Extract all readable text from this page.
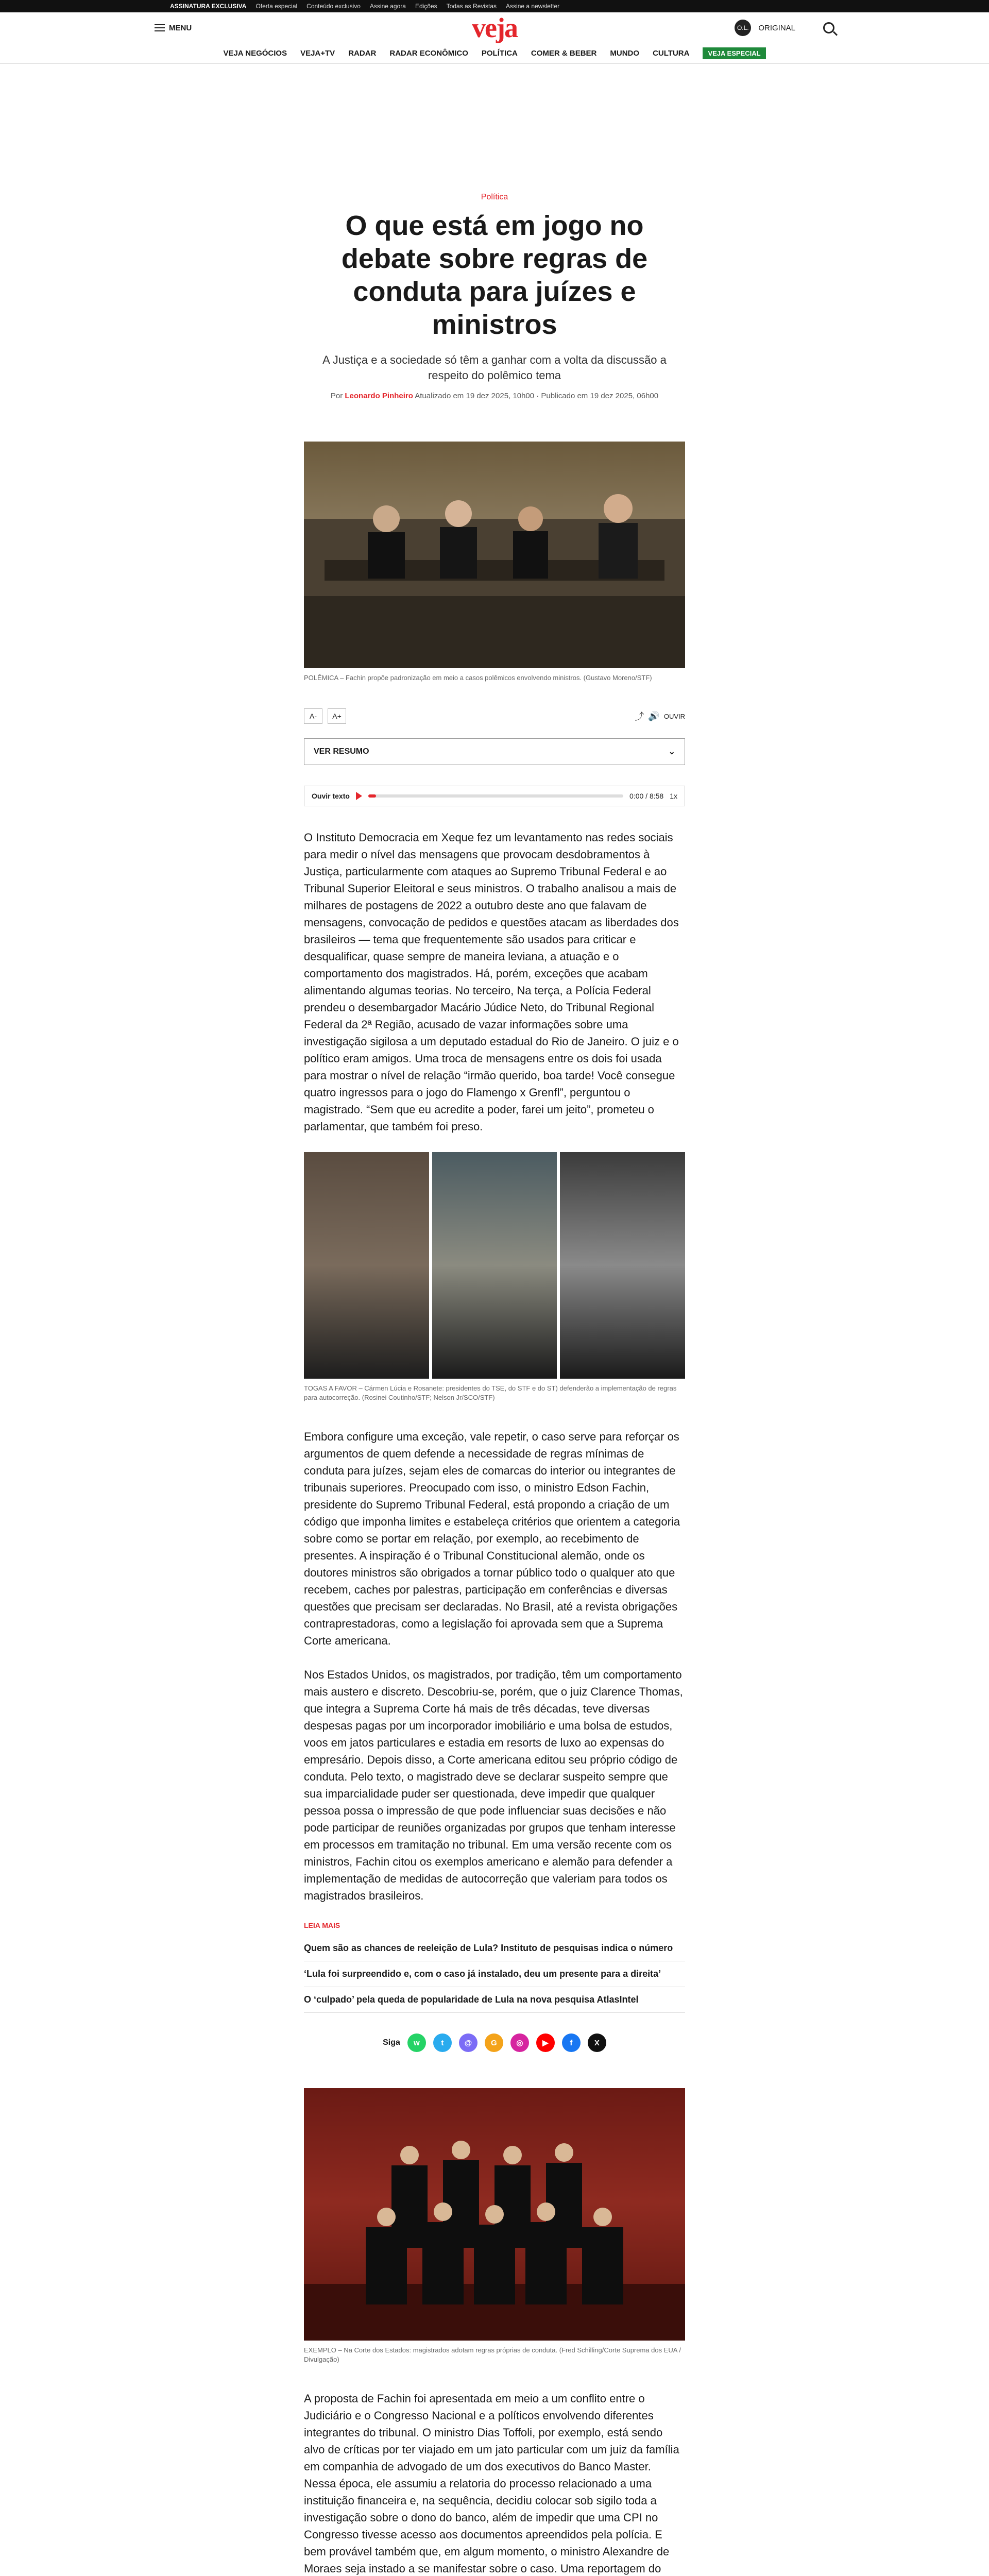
ASSINATURA EXCLUSIVA Oferta especial Conteúdo exclusivo Assine agora Edições Todas as Revistas Assine a newsletter
MENU	veja	O.L.	ORIGINAL
VEJA NEGÓCIOS VEJA+TV RADAR RADAR ECONÔMICO POLÍTICA COMER & BEBER MUNDO CULTURA	VEJA ESPECIAL
Política
O que está em jogo no debate sobre regras de conduta para juízes e ministros
A Justiça e a sociedade só têm a ganhar com a volta da discussão a respeito do polêmico tema
Por Leonardo Pinheiro Atualizado em 19 dez 2025, 10h00 · Publicado em 19 dez 2025, 06h00
POLÊMICA – Fachin propõe padronização em meio a casos polêmicos envolvendo ministros. (Gustavo Moreno/STF)
A-	A+	⤴ 🔊 OUVIR
VER RESUMO	⌄
Ouvir texto	0:00 / 8:58 1x

O Instituto Democracia em Xeque fez um levantamento nas redes sociais para medir o nível das mensagens que provocam desdobramentos à Justiça, particularmente com ataques ao Supremo Tribunal Federal e ao Tribunal Superior Eleitoral e seus ministros. O trabalho analisou a mais de milhares de postagens de 2022 a outubro deste ano que falavam de mensagens, convocação de pedidos e questões atacam as liberdades dos brasileiros — tema que frequentemente são usados para criticar e desqualificar, quase sempre de maneira leviana, a atuação e o comportamento dos magistrados. Há, porém, exceções que acabam alimentando algumas teorias. No terceiro, Na terça, a Polícia Federal prendeu o desembargador Macário Júdice Neto, do Tribunal Regional Federal da 2ª Região, acusado de vazar informações sobre uma investigação sigilosa a um deputado estadual do Rio de Janeiro. O juiz e o político eram amigos. Uma troca de mensagens entre os dois foi usada para mostrar o nível de relação “irmão querido, boa tarde! Você consegue quatro ingressos para o jogo do Flamengo x Grenfl”, perguntou o magistrado. “Sem que eu acredite a poder, farei um jeito”, prometeu o parlamentar, que também foi preso.

TOGAS A FAVOR – Cármen Lúcia e Rosanete: presidentes do TSE, do STF e do ST) defenderão a implementação de regras para autocorreção. (Rosinei Coutinho/STF; Nelson Jr/SCO/STF)

Embora configure uma exceção, vale repetir, o caso serve para reforçar os argumentos de quem defende a necessidade de regras mínimas de conduta para juízes, sejam eles de comarcas do interior ou integrantes de tribunais superiores. Preocupado com isso, o ministro Edson Fachin, presidente do Supremo Tribunal Federal, está propondo a criação de um código que imponha limites e estabeleça critérios que orientem a categoria sobre como se portar em relação, por exemplo, ao recebimento de presentes. A inspiração é o Tribunal Constitucional alemão, onde os doutores ministros são obrigados a tornar público todo o qualquer ato que recebem, caches por palestras, participação em conferências e diversas questões que precisam ser declaradas. No Brasil, até a revista obrigações contraprestadoras, como a legislação foi aprovada sem que a Suprema Corte americana.

Nos Estados Unidos, os magistrados, por tradição, têm um comportamento mais austero e discreto. Descobriu-se, porém, que o juiz Clarence Thomas, que integra a Suprema Corte há mais de três décadas, teve diversas despesas pagas por um incorporador imobiliário e uma bolsa de estudos, voos em jatos particulares e estadia em resorts de luxo ao expensas do empresário. Depois disso, a Corte americana editou seu próprio código de conduta. Pelo texto, o magistrado deve se declarar suspeito sempre que sua imparcialidade puder ser questionada, deve impedir que qualquer pessoa possa o impressão de que pode influenciar suas decisões e não pode participar de reuniões organizadas por grupos que tenham interesse em processos em tramitação no tribunal. Em uma versão recente com os ministros, Fachin citou os exemplos americano e alemão para defender a implementação de medidas de autocorreção que valeriam para todos os magistrados brasileiros.

LEIA MAIS
Quem são as chances de reeleição de Lula? Instituto de pesquisas indica o número
‘Lula foi surpreendido e, com o caso já instalado, deu um presente para a direita’
O ‘culpado’ pela queda de popularidade de Lula na nova pesquisa AtlasIntel
Siga	w	t	@	G	◎	▶	f	X
EXEMPLO – Na Corte dos Estados: magistrados adotam regras próprias de conduta. (Fred Schilling/Corte Suprema dos EUA / Divulgação)

A proposta de Fachin foi apresentada em meio a um conflito entre o Judiciário e o Congresso Nacional e a políticos envolvendo diferentes integrantes do tribunal. O ministro Dias Toffoli, por exemplo, está sendo alvo de críticas por ter viajado em um jato particular com um juiz da família em companhia de advogado de um dos executivos do Banco Master. Nessa época, ele assumiu a relatoria do processo relacionado a uma instituição financeira e, na sequência, decidiu colocar sob sigilo toda a investigação sobre o dono do banco, além de impedir que uma CPI no Congresso tivesse acesso aos documentos apreendidos pela polícia. E bem provável também que, em algum momento, o ministro Alexandre de Moraes seja instado a se manifestar sobre o caso. Uma reportagem do
